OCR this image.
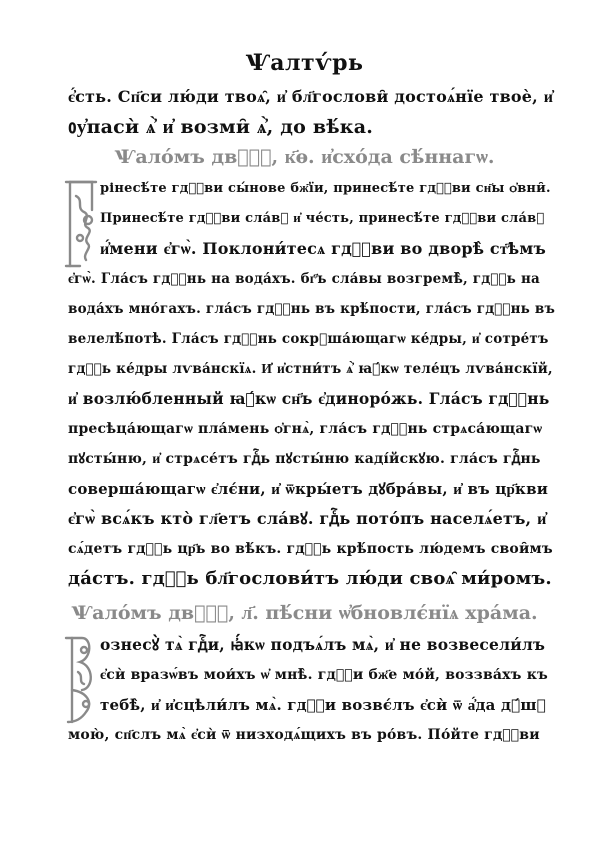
Ѱалтѵ́рь
є҆́сть. Сп҃си лю́ди твоѧ̑, и҆ бл҃гослови̑ достоѧ́нїе твоѐ, и҆
ᲂу҆пасѝ ѧ҆̀ и҆ возми̑ ѧ҆̀, до вѣ́ка.
Ѱало́мъ двⷣ҇ꙋ, к҃ѳ. и҆схо́да сѣ́ннагѡ.
рінесѣ́те гдⷭ҇ви сы́нове бж҃їи, принесѣ́те гдⷭ҇ви сн҃ы ѻ҆вни̑.
Принесѣ́те гдⷭ҇ви сла́вꙋ и҆ че́сть, принесѣ́те гдⷭ҇ви сла́вꙋ
и҆́мени є҆гѡ̀. Поклони́тесѧ гдⷭ҇ви во дворѣ̀ ст҃ѣмъ
є҆гѡ̀. Гла́съ гдⷭ҇нь на вода́хъ. бг҃ъ сла́вы возгремѣ̀, гдⷭ҇ь на
вода́хъ мно́гахъ. гла́съ гдⷭ҇нь въ крѣ́пости, гла́съ гдⷭ҇нь въ
велелѣ́потѣ. Гла́съ гдⷭ҇нь сокрꙋша́ющагѡ ке́дры, и҆ сотре́тъ
гдⷭ҇ь ке́дры лѵва́нскїѧ. И҆ и҆стни́тъ ѧ҆̀ ꙗ҆́кѡ теле́цъ лѵва́нскїй,
и҆ возлю́бленный ꙗ҆́кѡ сн҃ъ є҆диноро́жь. Гла́съ гдⷭ҇нь
пресѣца́ющагѡ пла́мень ѻ҆гнѧ̀, гла́съ гдⷭ҇нь стрѧса́ющагѡ
пꙋсты́ню, и҆ стрѧсе́тъ гдⷭ҇ь пꙋсты́ню каді́йскꙋю. гла́съ гдⷭ҇нь
соверша́ющагѡ є҆лє́ни, и҆ ѿкры́етъ дꙋбра́вы, и҆ въ цр҃кви
є҆гѡ̀ всѧ́къ кто̀ гл҃етъ сла́вꙋ. гдⷭ҇ь пото́пъ населѧ́етъ, и҆
сѧ́детъ гдⷭ҇ь цр҃ь во вѣ́къ. гдⷭ҇ь крѣ́пость лю́демъ свои̑мъ
да́стъ. гдⷭ҇ь бл҃гослови́тъ лю́ди своѧ̑ ми́ромъ.
Ѱало́мъ двⷣ҇ꙋ, л҃. пѣ́сни ѡ҆бновлє́нїѧ хра́ма.
ознесꙋ̀ тѧ̀ гдⷭ҇и, ꙗ҆́кѡ подъѧ́лъ мѧ̀, и҆ не возвесели́лъ
є҆сѝ вразѡ́въ мои́хъ ѡ҆ мнѣ̀. гдⷭ҇и бж҃е мо́й, воззва́хъ къ
тебѣ̀, и҆ и҆сцѣли́лъ мѧ̀. гдⷭ҇и возвє́лъ є҆сѝ ѿ а҆́да дꙋ́шꙋ
мою̀, сп҃слъ мѧ̀ є҆сѝ ѿ низходѧ́щихъ въ ро́въ. По́йте гдⷭ҇ви
